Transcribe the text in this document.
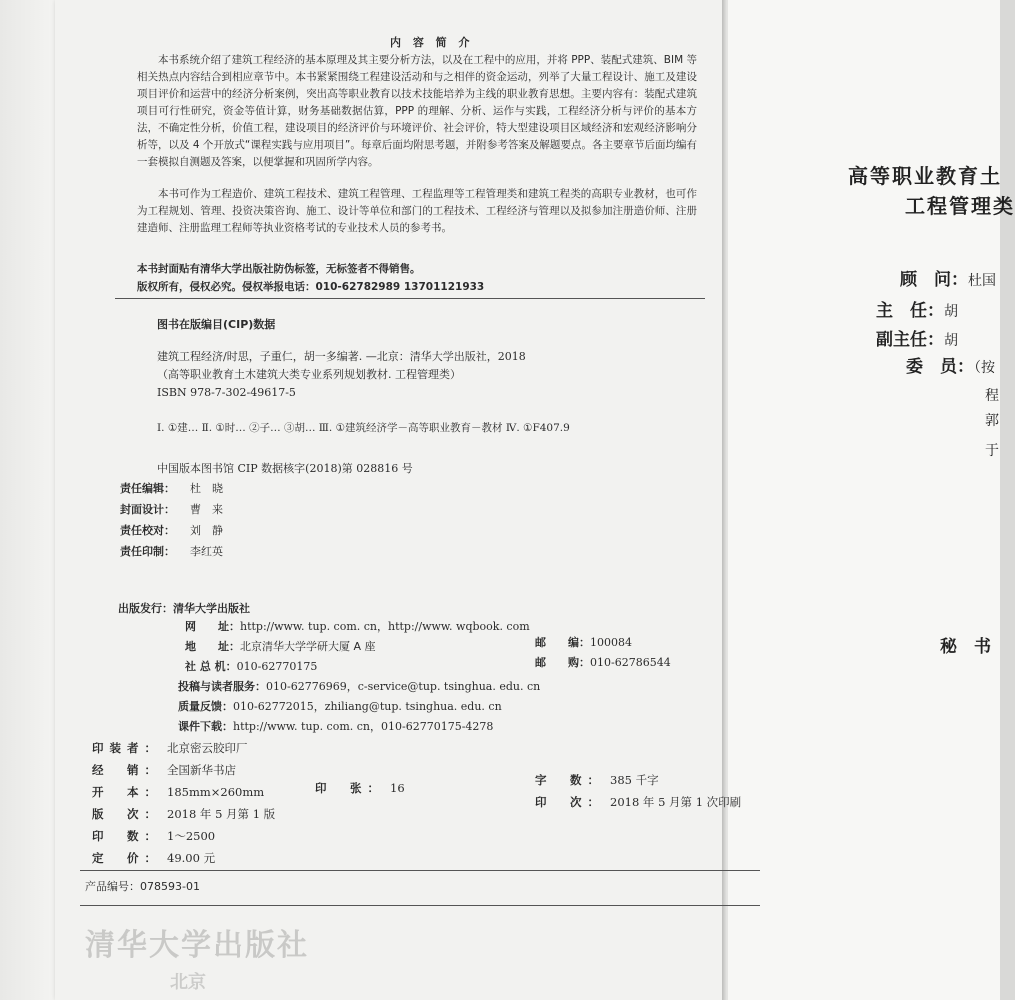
内 容 简 介
本书系统介绍了建筑工程经济的基本原理及其主要分析方法，以及在工程中的应用，并将 PPP、装配式建筑、BIM 等相关热点内容结合到相应章节中。本书紧紧围绕工程建设活动和与之相伴的资金运动，列举了大量工程设计、施工及建设项目评价和运营中的经济分析案例，突出高等职业教育以技术技能培养为主线的职业教育思想。主要内容有：装配式建筑项目可行性研究，资金等值计算，财务基础数据估算，PPP 的理解、分析、运作与实践，工程经济分析与评价的基本方法，不确定性分析，价值工程，建设项目的经济评价与环境评价、社会评价，特大型建设项目区域经济和宏观经济影响分析等，以及 4 个开放式“课程实践与应用项目”。每章后面均附思考题，并附参考答案及解题要点。各主要章节后面均编有一套模拟自测题及答案，以便掌握和巩固所学内容。
本书可作为工程造价、建筑工程技术、建筑工程管理、工程监理等工程管理类和建筑工程类的高职专业教材，也可作为工程规划、管理、投资决策咨询、施工、设计等单位和部门的工程技术、工程经济与管理以及拟参加注册造价师、注册建造师、注册监理工程师等执业资格考试的专业技术人员的参考书。
本书封面贴有清华大学出版社防伪标签，无标签者不得销售。
版权所有，侵权必究。侵权举报电话：010-62782989 13701121933
图书在版编目(CIP)数据
建筑工程经济/时思，子重仁，胡一多编著. —北京：清华大学出版社，2018
（高等职业教育土木建筑大类专业系列规划教材. 工程管理类）
ISBN 978-7-302-49617-5
Ⅰ. ①建… Ⅱ. ①时… ②子… ③胡… Ⅲ. ①建筑经济学－高等职业教育－教材 Ⅳ. ①F407.9
中国版本图书馆 CIP 数据核字(2018)第 028816 号
责任编辑： 杜　晓
封面设计： 曹　来
责任校对： 刘　静
责任印制： 李红英
出版发行：清华大学出版社
网　　址：http://www. tup. com. cn，http://www. wqbook. com
地　　址：北京清华大学学研大厦 A 座	邮　　编：100084
社 总 机：010-62770175	邮　　购：010-62786544
投稿与读者服务：010-62776969，c-service@tup. tsinghua. edu. cn
质量反馈：010-62772015，zhiliang@tup. tsinghua. edu. cn
课件下载：http://www. tup. com. cn，010-62770175-4278
印装者： 北京密云胶印厂
经　销： 全国新华书店
开　本： 185mm×260mm	印　张： 16
字　数： 385 千字
版　次： 2018 年 5 月第 1 版
印　次： 2018 年 5 月第 1 次印刷
印　数： 1～2500
定　价： 49.00 元
产品编号：078593-01
清华大学出版社
北京
高等职业教育土
工程管理类
顾　问：杜国
主　任：胡
副主任：胡
委　员：（按
程
郭
于
秘　书
